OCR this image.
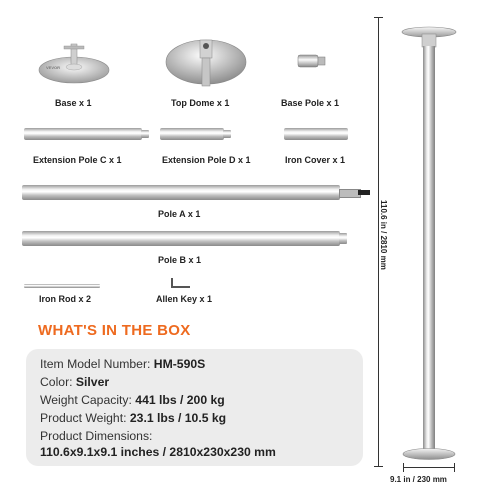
VEVOR
Base x 1	Top Dome x 1	Base Pole x 1
Extension Pole C x 1	Extension Pole D x 1	Iron Cover x 1
Pole A x 1
Pole B x 1
Iron Rod x 2	Allen Key x 1
WHAT'S IN THE BOX
Item Model Number: HM-590S
Color: Silver
Weight Capacity: 441 lbs / 200 kg
Product Weight: 23.1 lbs / 10.5 kg
Product Dimensions:
110.6x9.1x9.1 inches / 2810x230x230 mm
110.6 in / 2810 mm
9.1 in / 230 mm
